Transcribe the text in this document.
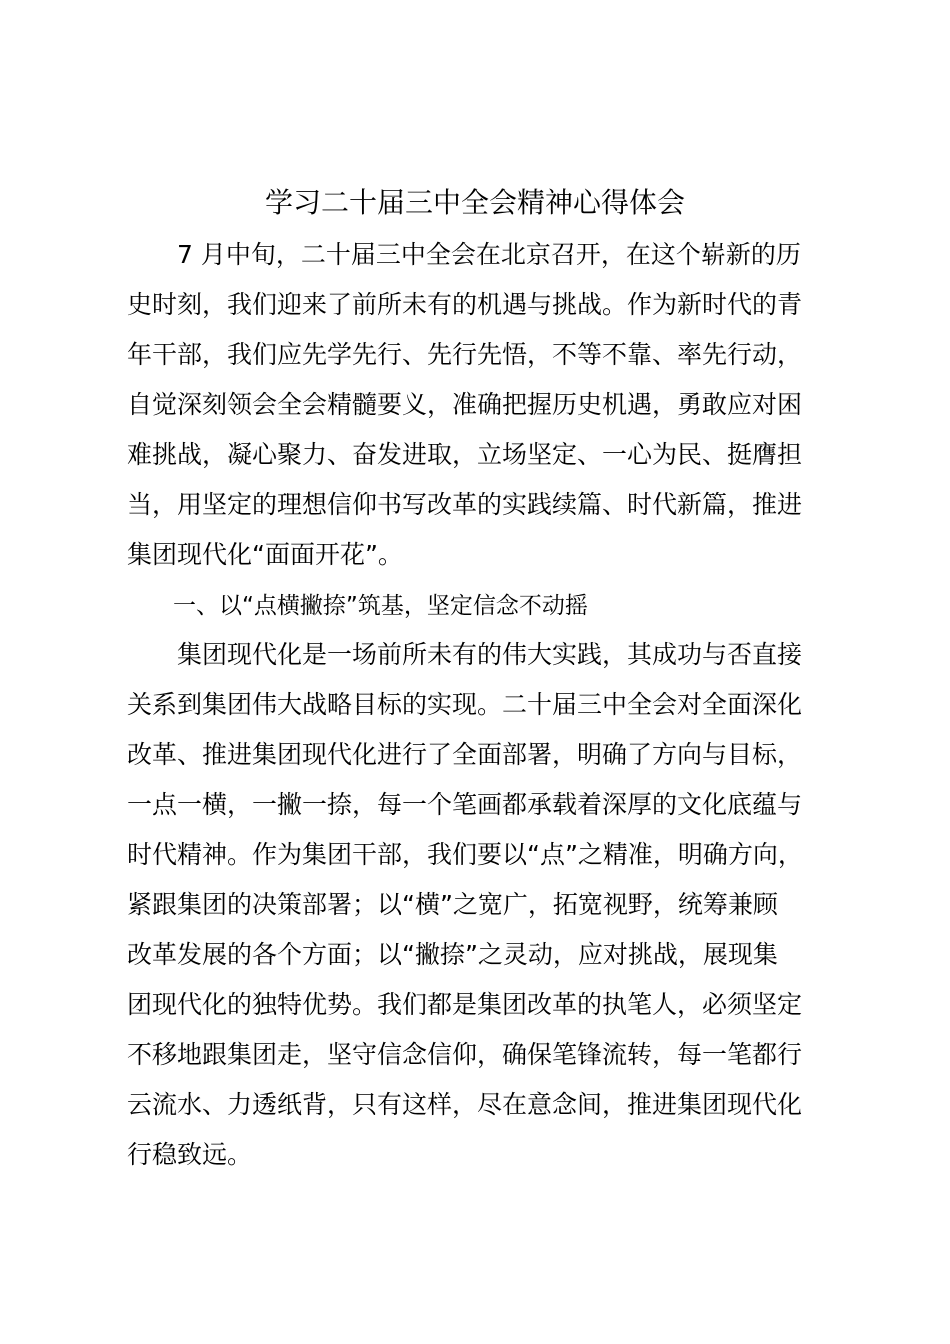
学习二十届三中全会精神心得体会
　　7 月中旬，二十届三中全会在北京召开，在这个崭新的历
史时刻，我们迎来了前所未有的机遇与挑战。作为新时代的青
年干部，我们应先学先行、先行先悟，不等不靠、率先行动，
自觉深刻领会全会精髓要义，准确把握历史机遇，勇敢应对困
难挑战，凝心聚力、奋发进取，立场坚定、一心为民、挺膺担
当，用坚定的理想信仰书写改革的实践续篇、时代新篇，推进
集团现代化“面面开花”。
　　一、以“点横撇捺”筑基，坚定信念不动摇
　　集团现代化是一场前所未有的伟大实践，其成功与否直接
关系到集团伟大战略目标的实现。二十届三中全会对全面深化
改革、推进集团现代化进行了全面部署，明确了方向与目标，
一点一横，一撇一捺，每一个笔画都承载着深厚的文化底蕴与
时代精神。作为集团干部，我们要以“点”之精准，明确方向，
紧跟集团的决策部署；以“横”之宽广，拓宽视野，统筹兼顾
改革发展的各个方面；以“撇捺”之灵动，应对挑战，展现集
团现代化的独特优势。我们都是集团改革的执笔人，必须坚定
不移地跟集团走，坚守信念信仰，确保笔锋流转，每一笔都行
云流水、力透纸背，只有这样，尽在意念间，推进集团现代化
行稳致远。
